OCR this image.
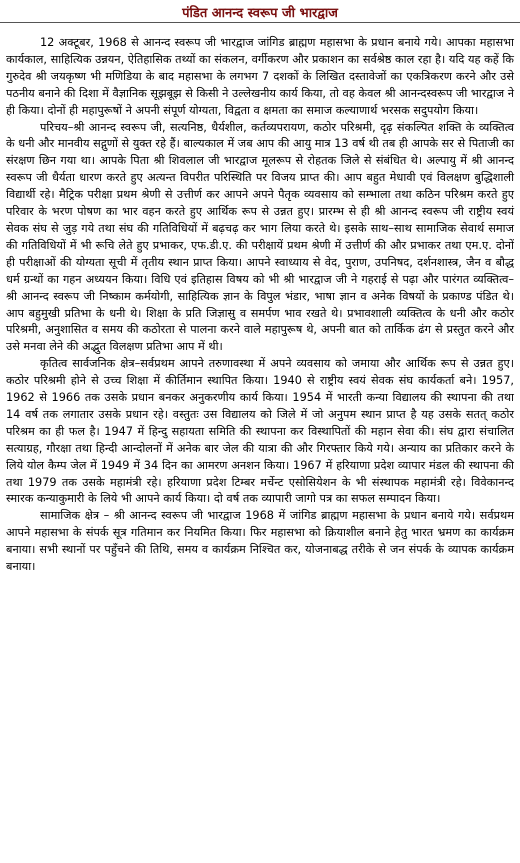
पंडित आनन्द स्वरूप जी भारद्वाज

12 अक्टूबर, 1968 से आनन्द स्वरूप जी भारद्वाज जांगिड ब्राह्मण महासभा के प्रधान बनाये गये। आपका महासभा कार्यकाल, साहित्यिक उन्नयन, ऐतिहासिक तथ्यों का संकलन, वर्गीकरण और प्रकाशन का सर्वश्रेष्ठ काल रहा है। यदि यह कहें कि गुरुदेव श्री जयकृष्ण भी मणिडिया के बाद महासभा के लगभग 7 दशकों के लिखित दस्तावेजों का एकत्रिकरण करने और उसे पठनीय बनाने की दिशा में वैज्ञानिक सूझबूझ से किसी ने उल्लेखनीय कार्य किया, तो वह केवल श्री आनन्दस्वरूप जी भारद्वाज ने ही किया। दोनों ही महापुरूषों ने अपनी संपूर्ण योग्यता, विद्वता व क्षमता का समाज कल्याणार्थ भरसक सदुपयोग किया।

परिचय–श्री आनन्द स्वरूप जी, सत्यनिष्ठ, धैर्यशील, कर्तव्यपरायण, कठोर परिश्रमी, दृढ़ संकल्पित शक्ति के व्यक्तित्व के धनी और मानवीय सद्गुणों से युक्त रहे हैं। बाल्यकाल में जब आप की आयु मात्र 13 वर्ष थी तब ही आपके सर से पिताजी का संरक्षण छिन गया था। आपके पिता श्री शिवलाल जी भारद्वाज मूलरूप से रोहतक जिले से संबंधित थे। अल्पायु में श्री आनन्द स्वरूप जी धैर्यता धारण करते हुए अत्यन्त विपरीत परिस्थिति पर विजय प्राप्त की। आप बहुत मेधावी एवं विलक्षण बुद्धिशाली विद्यार्थी रहे। मैट्रिक परीक्षा प्रथम श्रेणी से उत्तीर्ण कर आपने अपने पैतृक व्यवसाय को सम्भाला तथा कठिन परिश्रम करते हुए परिवार के भरण पोषण का भार वहन करते हुए आर्थिक रूप से उन्नत हुए। प्रारम्भ से ही श्री आनन्द स्वरूप जी राष्ट्रीय स्वयं सेवक संघ से जुड़ गये तथा संघ की गतिविधियों में बढ़चढ़ कर भाग लिया करते थे। इसके साथ–साथ सामाजिक सेवार्थ समाज की गतिविधियों में भी रूचि लेते हुए प्रभाकर, एफ.डी.ए. की परीक्षायें प्रथम श्रेणी में उत्तीर्ण की और प्रभाकर तथा एम.ए. दोनों ही परीक्षाओं की योग्यता सूची में तृतीय स्थान प्राप्त किया। आपने स्वाध्याय से वेद, पुराण, उपनिषद, दर्शनशास्त्र, जैन व बौद्ध धर्म ग्रन्थों का गहन अध्ययन किया। विधि एवं इतिहास विषय को भी श्री भारद्वाज जी ने गहराई से पढ़ा और पारंगत व्यक्तित्व–श्री आनन्द स्वरूप जी निष्काम कर्मयोगी, साहित्यिक ज्ञान के विपुल भंडार, भाषा ज्ञान व अनेक विषयों के प्रकाण्ड पंडित थे। आप बहुमुखी प्रतिभा के धनी थे। शिक्षा के प्रति जिज्ञासु व समर्पण भाव रखते थे। प्रभावशाली व्यक्तित्व के धनी और कठोर परिश्रमी, अनुशासित व समय की कठोरता से पालना करने वाले महापुरूष थे, अपनी बात को तार्किक ढंग से प्रस्तुत करने और उसे मनवा लेने की अद्भुत विलक्षण प्रतिभा आप में थी।

कृतित्व सार्वजनिक क्षेत्र–सर्वप्रथम आपने तरुणावस्था में अपने व्यवसाय को जमाया और आर्थिक रूप से उन्नत हुए। कठोर परिश्रमी होने से उच्च शिक्षा में कीर्तिमान स्थापित किया। 1940 से राष्ट्रीय स्वयं सेवक संघ कार्यकर्ता बने। 1957, 1962 से 1966 तक उसके प्रधान बनकर अनुकरणीय कार्य किया। 1954 में भारती कन्या विद्यालय की स्थापना की तथा 14 वर्ष तक लगातार उसके प्रधान रहे। वस्तुतः उस विद्यालय को जिले में जो अनुपम स्थान प्राप्त है यह उसके सतत् कठोर परिश्रम का ही फल है। 1947 में हिन्दु सहायता समिति की स्थापना कर विस्थापितों की महान सेवा की। संघ द्वारा संचालित सत्याग्रह, गौरक्षा तथा हिन्दी आन्दोलनों में अनेक बार जेल की यात्रा की और गिरफ्तार किये गये। अन्याय का प्रतिकार करने के लिये योल कैम्प जेल में 1949 में 34 दिन का आमरण अनशन किया। 1967 में हरियाणा प्रदेश व्यापार मंडल की स्थापना की तथा 1979 तक उसके महामंत्री रहे। हरियाणा प्रदेश टिम्बर मर्चेन्ट एसोसियेशन के भी संस्थापक महामंत्री रहे। विवेकानन्द स्मारक कन्याकुमारी के लिये भी आपने कार्य किया। दो वर्ष तक व्यापारी जागो पत्र का सफल सम्पादन किया।

सामाजिक क्षेत्र – श्री आनन्द स्वरूप जी भारद्वाज 1968 में जांगिड ब्राह्मण महासभा के प्रधान बनाये गये। सर्वप्रथम आपने महासभा के संपर्क सूत्र गतिमान कर नियमित किया। फिर महासभा को क्रियाशील बनाने हेतु भारत भ्रमण का कार्यक्रम बनाया। सभी स्थानों पर पहुँचने की तिथि, समय व कार्यक्रम निश्चित कर, योजनाबद्ध तरीके से जन संपर्क के व्यापक कार्यक्रम बनाया।
